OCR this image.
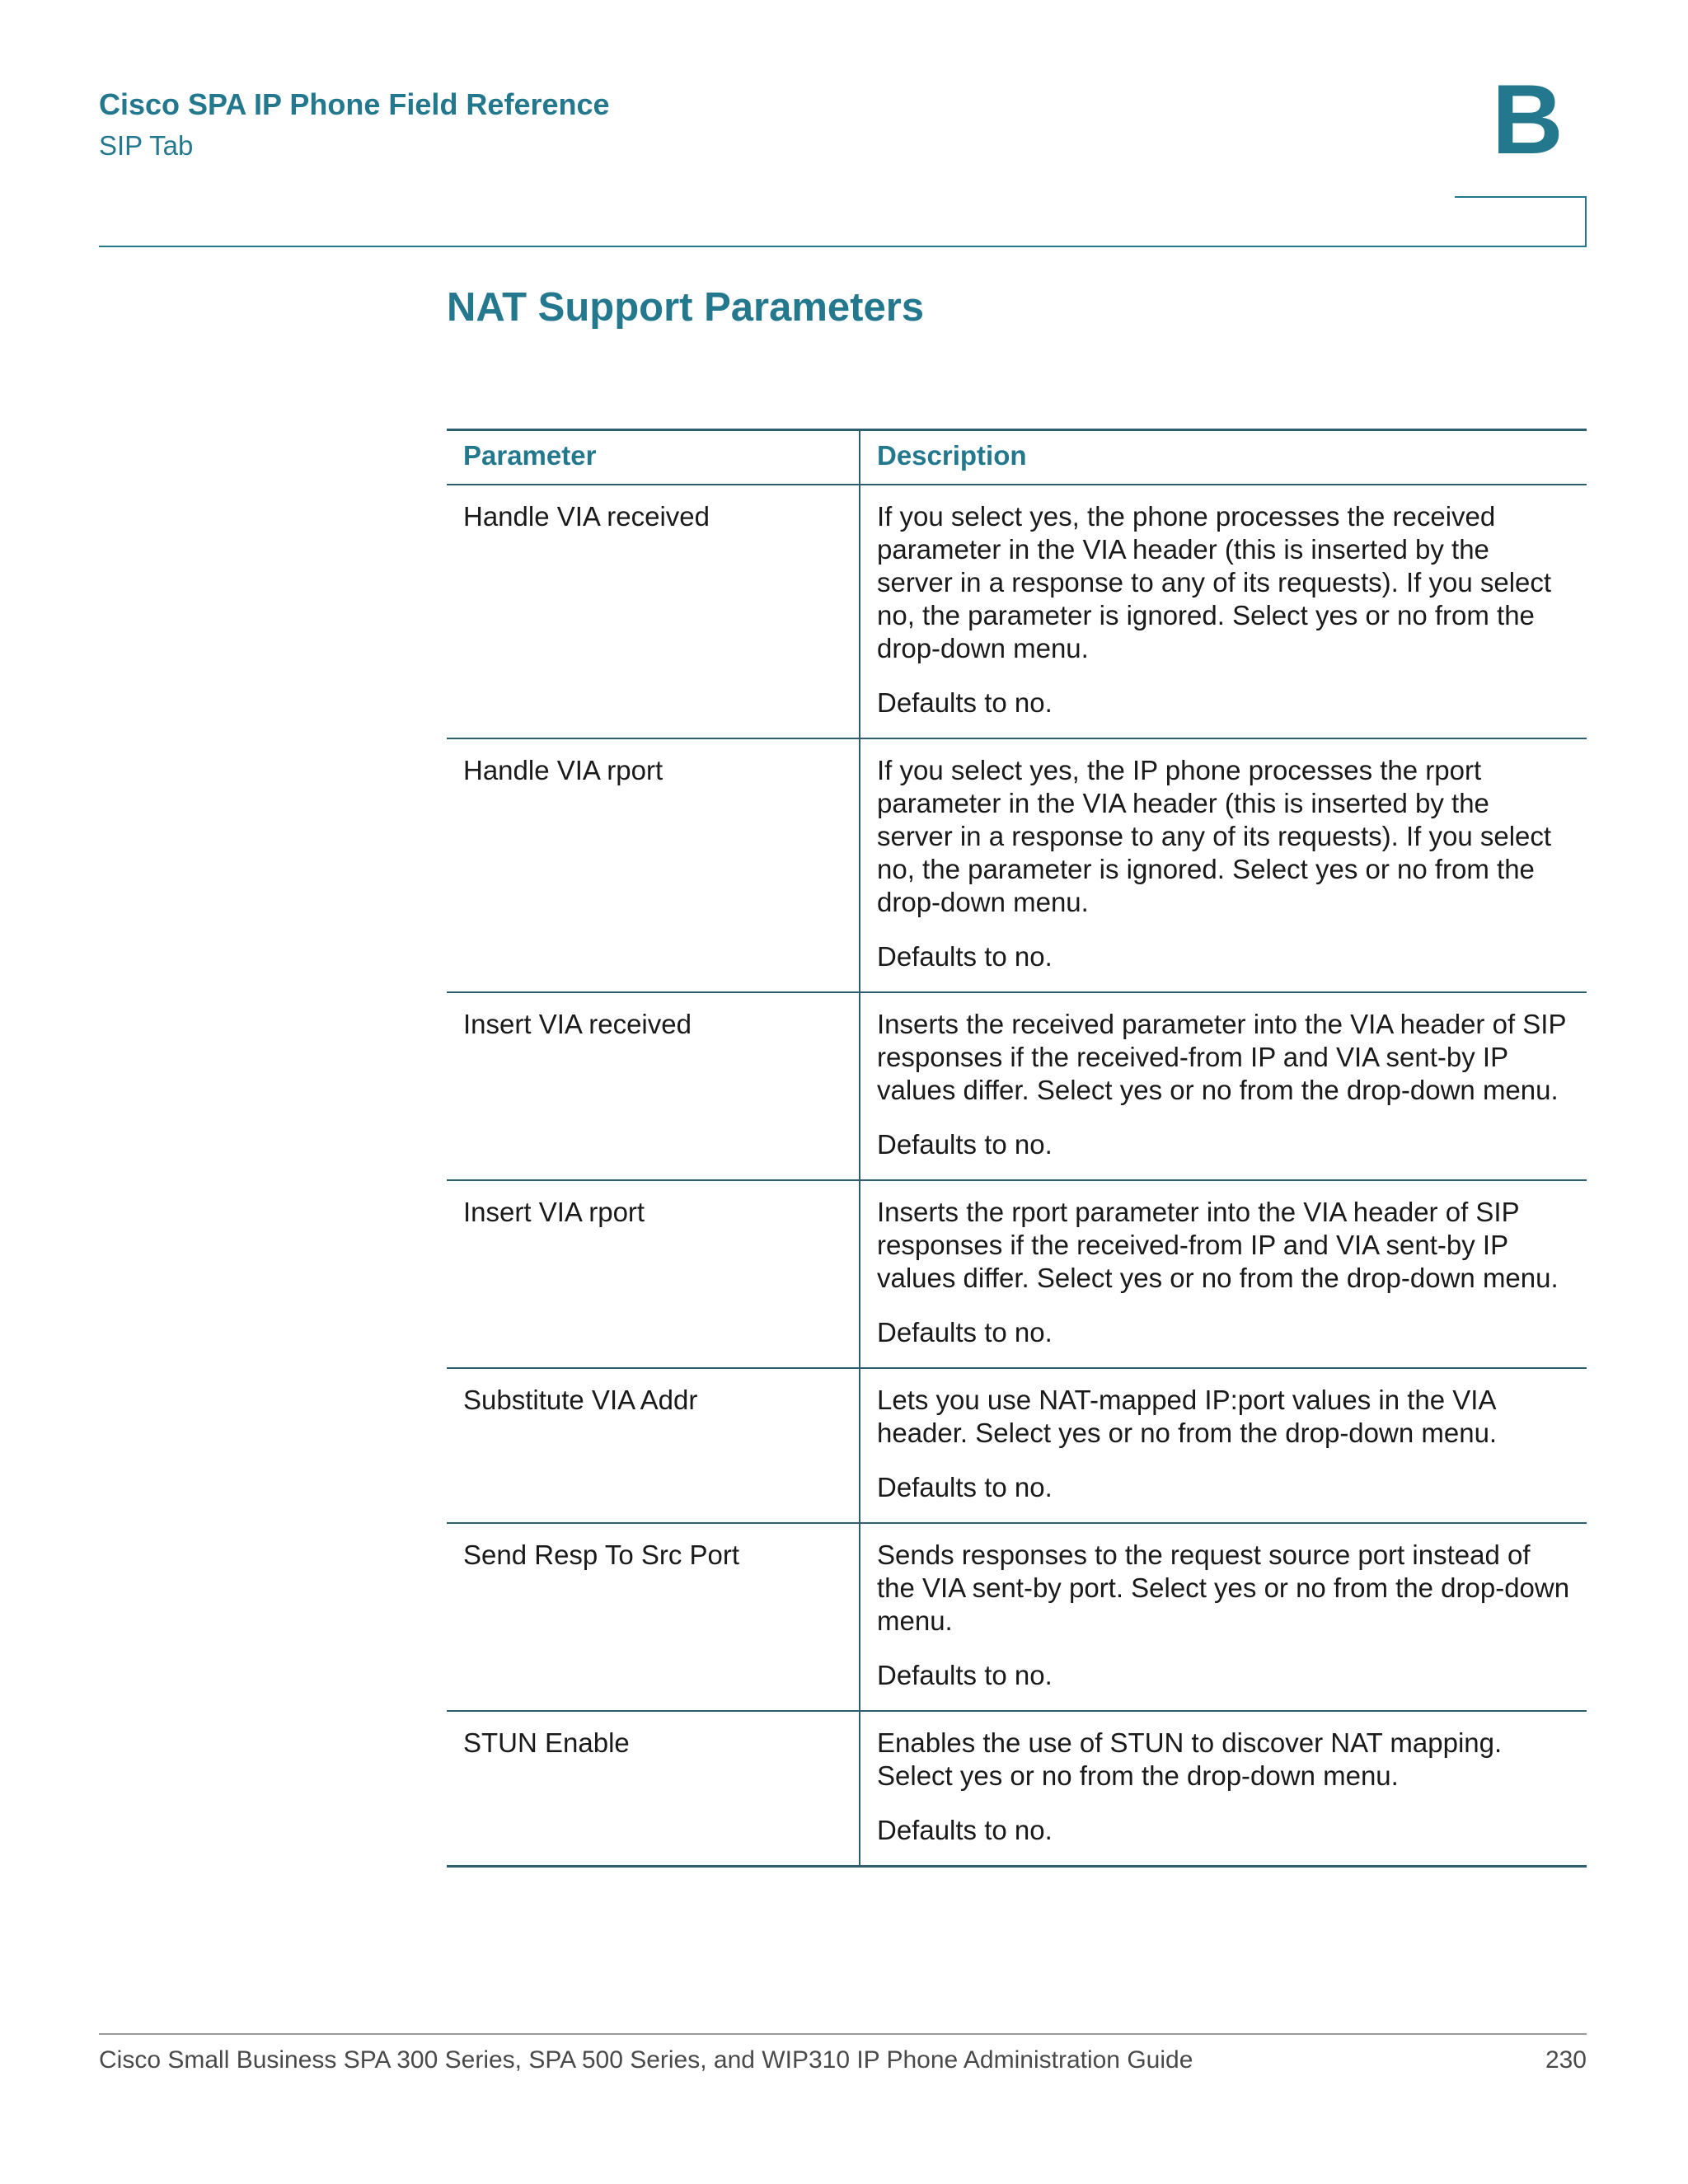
Cisco SPA IP Phone Field Reference
SIP Tab	B
NAT Support Parameters
Parameter	Description
Handle VIA received	If you select yes, the phone processes the received parameter in the VIA header (this is inserted by the server in a response to any of its requests). If you select no, the parameter is ignored. Select yes or no from the drop-down menu.

Defaults to no.

Handle VIA rport	If you select yes, the IP phone processes the rport parameter in the VIA header (this is inserted by the server in a response to any of its requests). If you select no, the parameter is ignored. Select yes or no from the drop-down menu.

Defaults to no.

Insert VIA received	Inserts the received parameter into the VIA header of SIP responses if the received-from IP and VIA sent-by IP values differ. Select yes or no from the drop-down menu.

Defaults to no.

Insert VIA rport	Inserts the rport parameter into the VIA header of SIP responses if the received-from IP and VIA sent-by IP values differ. Select yes or no from the drop-down menu.

Defaults to no.

Substitute VIA Addr	Lets you use NAT-mapped IP:port values in the VIA header. Select yes or no from the drop-down menu.

Defaults to no.

Send Resp To Src Port	Sends responses to the request source port instead of the VIA sent-by port. Select yes or no from the drop-down menu.

Defaults to no.

STUN Enable	Enables the use of STUN to discover NAT mapping. Select yes or no from the drop-down menu.

Defaults to no.

Cisco Small Business SPA 300 Series, SPA 500 Series, and WIP310 IP Phone Administration Guide	230
